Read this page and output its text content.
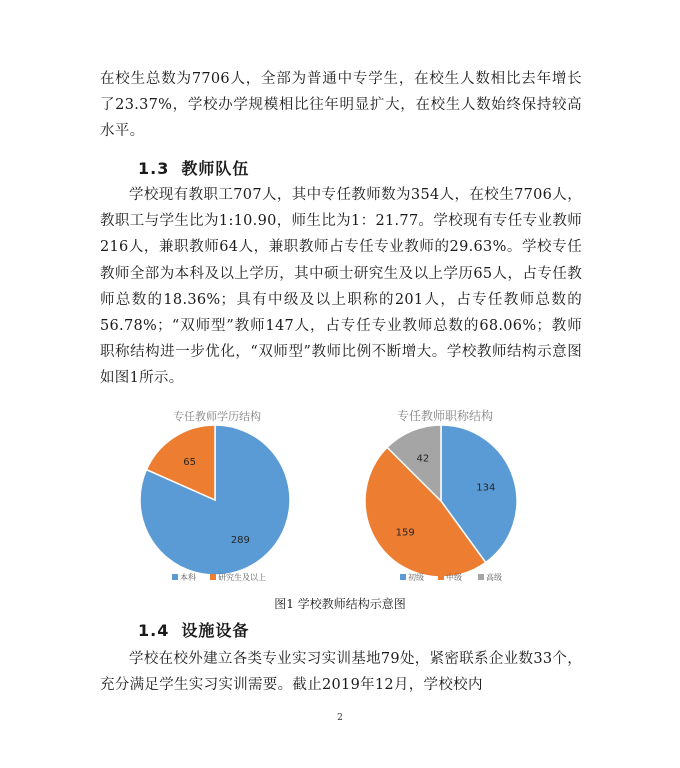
在校生总数为7706人，全部为普通中专学生，在校生人数相比去年增长了23.37%，学校办学规模相比往年明显扩大，在校生人数始终保持较高水平。

1.3 教师队伍

学校现有教职工707人，其中专任教师数为354人，在校生7706人，教职工与学生比为1:10.90，师生比为1：21.77。学校现有专任专业教师216人，兼职教师64人，兼职教师占专任专业教师的29.63%。学校专任教师全部为本科及以上学历，其中硕士研究生及以上学历65人，占专任教师总数的18.36%；具有中级及以上职称的201人，占专任教师总数的56.78%；“双师型”教师147人，占专任专业教师总数的68.06%；教师职称结构进一步优化，“双师型”教师比例不断增大。学校教师结构示意图如图1所示。

专任教师学历结构
289
65
本科	研究生及以上
专任教师职称结构
134
159
42
初级	中级	高级
图1 学校教师结构示意图
1.4 设施设备

学校在校外建立各类专业实习实训基地79处，紧密联系企业数33个，充分满足学生实习实训需要。截止2019年12月，学校校内

2
